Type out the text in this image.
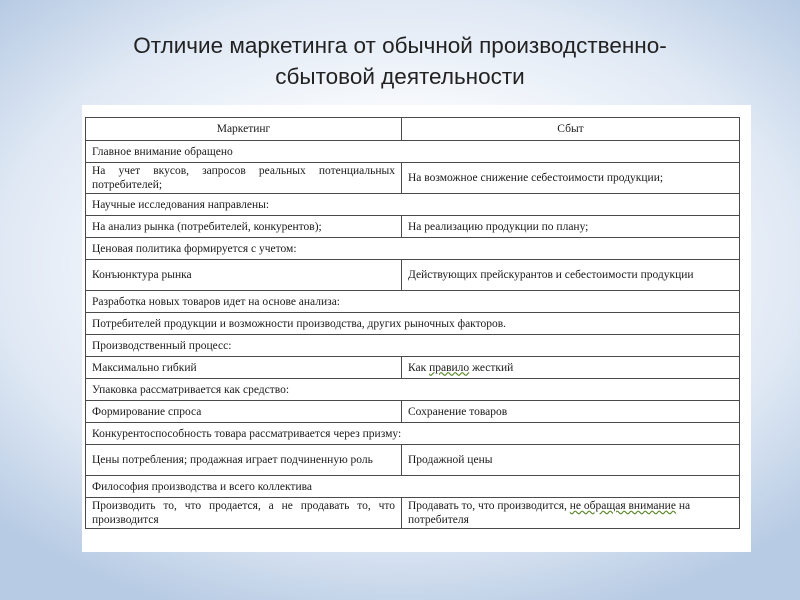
Отличие маркетинга от обычной производственно-
сбытовой деятельности
Маркетинг	Сбыт
Главное внимание обращено	
На учет вкусов, запросов реальных потенциальных потребителей;	На возможное снижение себестоимости продукции;
Научные исследования направлены:	
На анализ рынка (потребителей, конкурентов);	На реализацию продукции по плану;
Ценовая политика формируется с учетом:	
Конъюнктура рынка	Действующих прейскурантов и себестоимости продукции
Разработка новых товаров идет на основе анализа:	
Потребителей продукции и возможности производства, других рыночных факторов.	
Производственный процесс:	
Максимально гибкий	Как правило жесткий
Упаковка рассматривается как средство:	
Формирование спроса	Сохранение товаров
Конкурентоспособность товара рассматривается через призму:	
Цены потребления; продажная играет подчиненную роль	Продажной цены
Философия производства и всего коллектива	
Производить то, что продается, а не продавать то, что производится	Продавать то, что производится, не обращая внимание на потребителя
